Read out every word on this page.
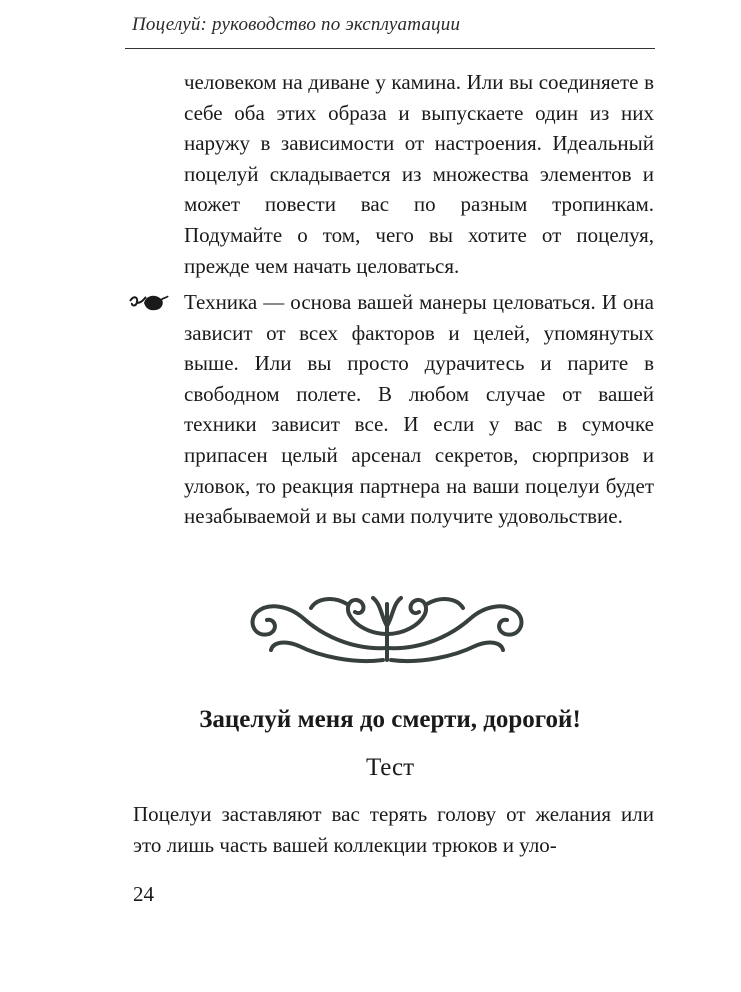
Поцелуй: руководство по эксплуатации
человеком на диване у камина. Или вы соединяете в себе оба этих образа и выпускаете один из них наружу в зависимости от настроения. Идеальный поцелуй складывается из множества элементов и может повести вас по разным тропинкам. Подумайте о том, чего вы хотите от поцелуя, прежде чем начать целоваться.
Техника — основа вашей манеры целоваться. И она зависит от всех факторов и целей, упомянутых выше. Или вы просто дурачитесь и парите в свободном полете. В любом случае от вашей техники зависит все. И если у вас в сумочке припасен целый арсенал секретов, сюрпризов и уловок, то реакция партнера на ваши поцелуи будет незабываемой и вы сами получите удовольствие.
Зацелуй меня до смерти, дорогой!
Тест
Поцелуи заставляют вас терять голову от желания или это лишь часть вашей коллекции трюков и уло-
24
